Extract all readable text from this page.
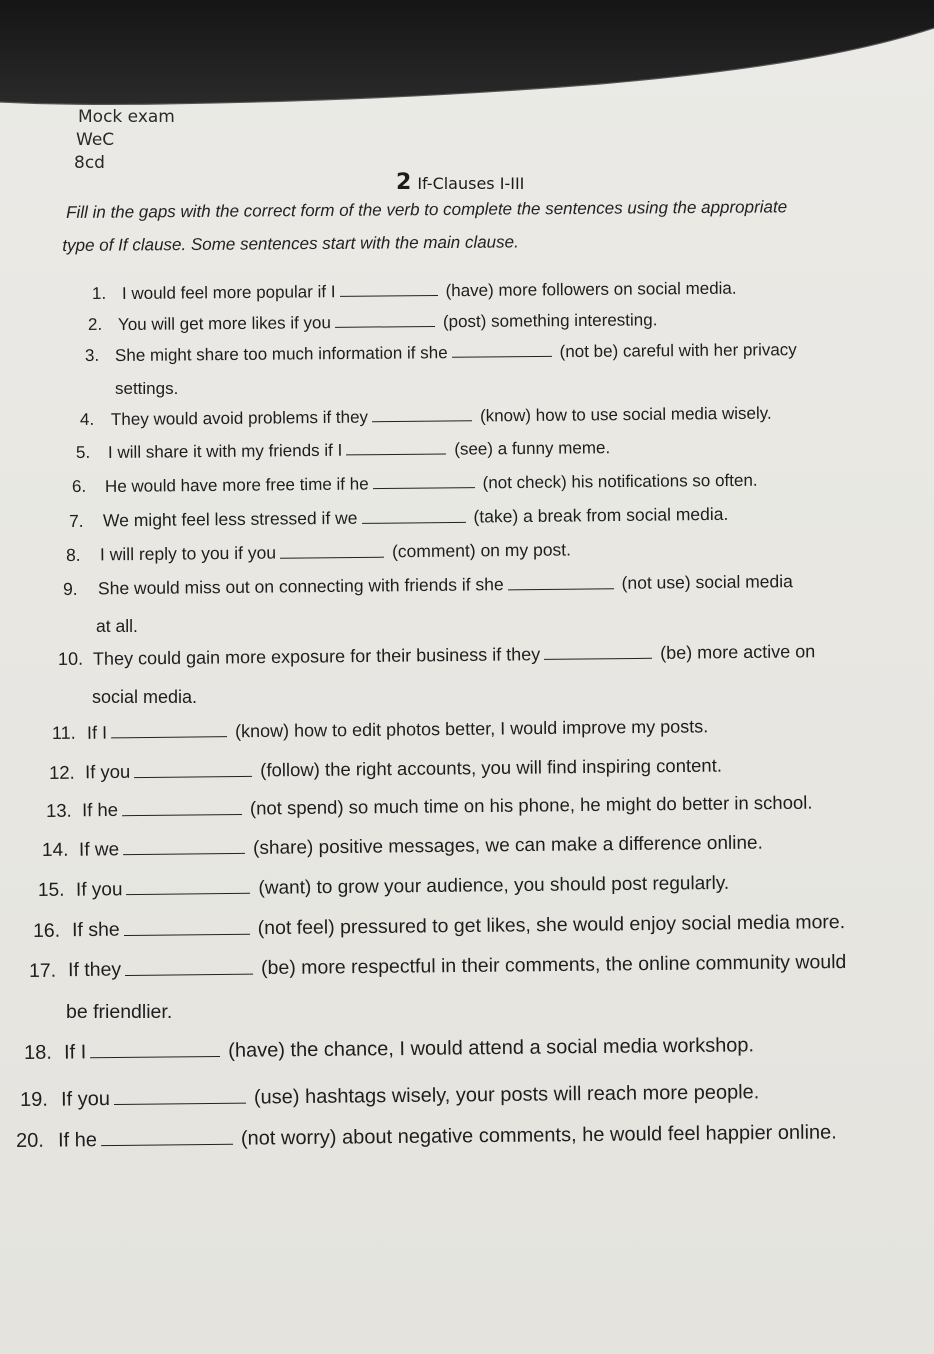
Mock exam
WeC
8cd
2 If-Clauses I-III
Fill in the gaps with the correct form of the verb to complete the sentences using the appropriate
type of If clause. Some sentences start with the main clause.
1. I would feel more popular if I	(have) more followers on social media.
2. You will get more likes if you	(post) something interesting.
3. She might share too much information if she	(not be) careful with her privacy
settings.
4. They would avoid problems if they	(know) how to use social media wisely.
5. I will share it with my friends if I	(see) a funny meme.
6. He would have more free time if he	(not check) his notifications so often.
7. We might feel less stressed if we	(take) a break from social media.
8. I will reply to you if you	(comment) on my post.
9. She would miss out on connecting with friends if she	(not use) social media
at all.
10. They could gain more exposure for their business if they	(be) more active on
social media.
11. If I	(know) how to edit photos better, I would improve my posts.
12. If you	(follow) the right accounts, you will find inspiring content.
13. If he	(not spend) so much time on his phone, he might do better in school.
14. If we	(share) positive messages, we can make a difference online.
15. If you	(want) to grow your audience, you should post regularly.
16. If she	(not feel) pressured to get likes, she would enjoy social media more.
17. If they	(be) more respectful in their comments, the online community would
be friendlier.
18. If I	(have) the chance, I would attend a social media workshop.
19. If you	(use) hashtags wisely, your posts will reach more people.
20. If he	(not worry) about negative comments, he would feel happier online.
